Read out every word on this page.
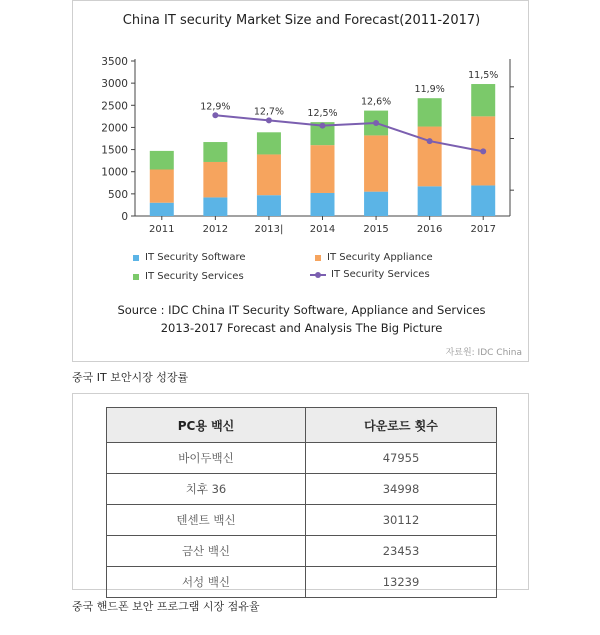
China IT security Market Size and Forecast(2011-2017)
0
500
1000
1500
2000
2500
3000
3500
2011	2012	2013|	2014	2015	2016	2017
12,9% 12,7% 12,5%
12,6%
11,9%
11,5%
IT Security Software	IT Security Appliance
IT Security Services	IT Security Services
Source : IDC China IT Security Software, Appliance and Services
2013-2017 Forecast and Analysis The Big Picture
자료원: IDC China
중국 IT 보안시장 성장률
PC용 백신	다운로드 횟수
바이두백신	47955
치후 36	34998
텐센트 백신	30112
금산 백신	23453
서성 백신	13239
중국 핸드폰 보안 프로그램 시장 점유율
